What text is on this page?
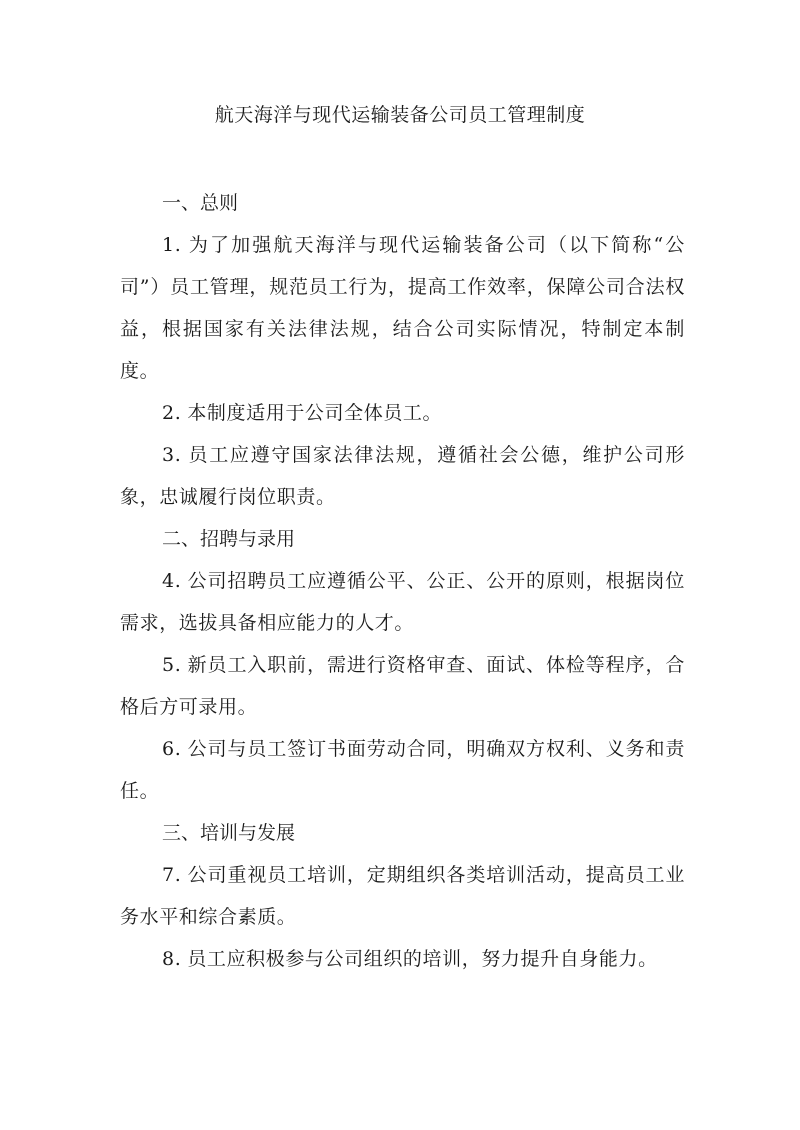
航天海洋与现代运输装备公司员工管理制度

一、总则

1. 为了加强航天海洋与现代运输装备公司（以下简称“公司”）员工管理，规范员工行为，提高工作效率，保障公司合法权益，根据国家有关法律法规，结合公司实际情况，特制定本制度。

2. 本制度适用于公司全体员工。

3. 员工应遵守国家法律法规，遵循社会公德，维护公司形象，忠诚履行岗位职责。

二、招聘与录用

4. 公司招聘员工应遵循公平、公正、公开的原则，根据岗位需求，选拔具备相应能力的人才。

5. 新员工入职前，需进行资格审查、面试、体检等程序，合格后方可录用。

6. 公司与员工签订书面劳动合同，明确双方权利、义务和责任。

三、培训与发展

7. 公司重视员工培训，定期组织各类培训活动，提高员工业务水平和综合素质。

8. 员工应积极参与公司组织的培训，努力提升自身能力。
